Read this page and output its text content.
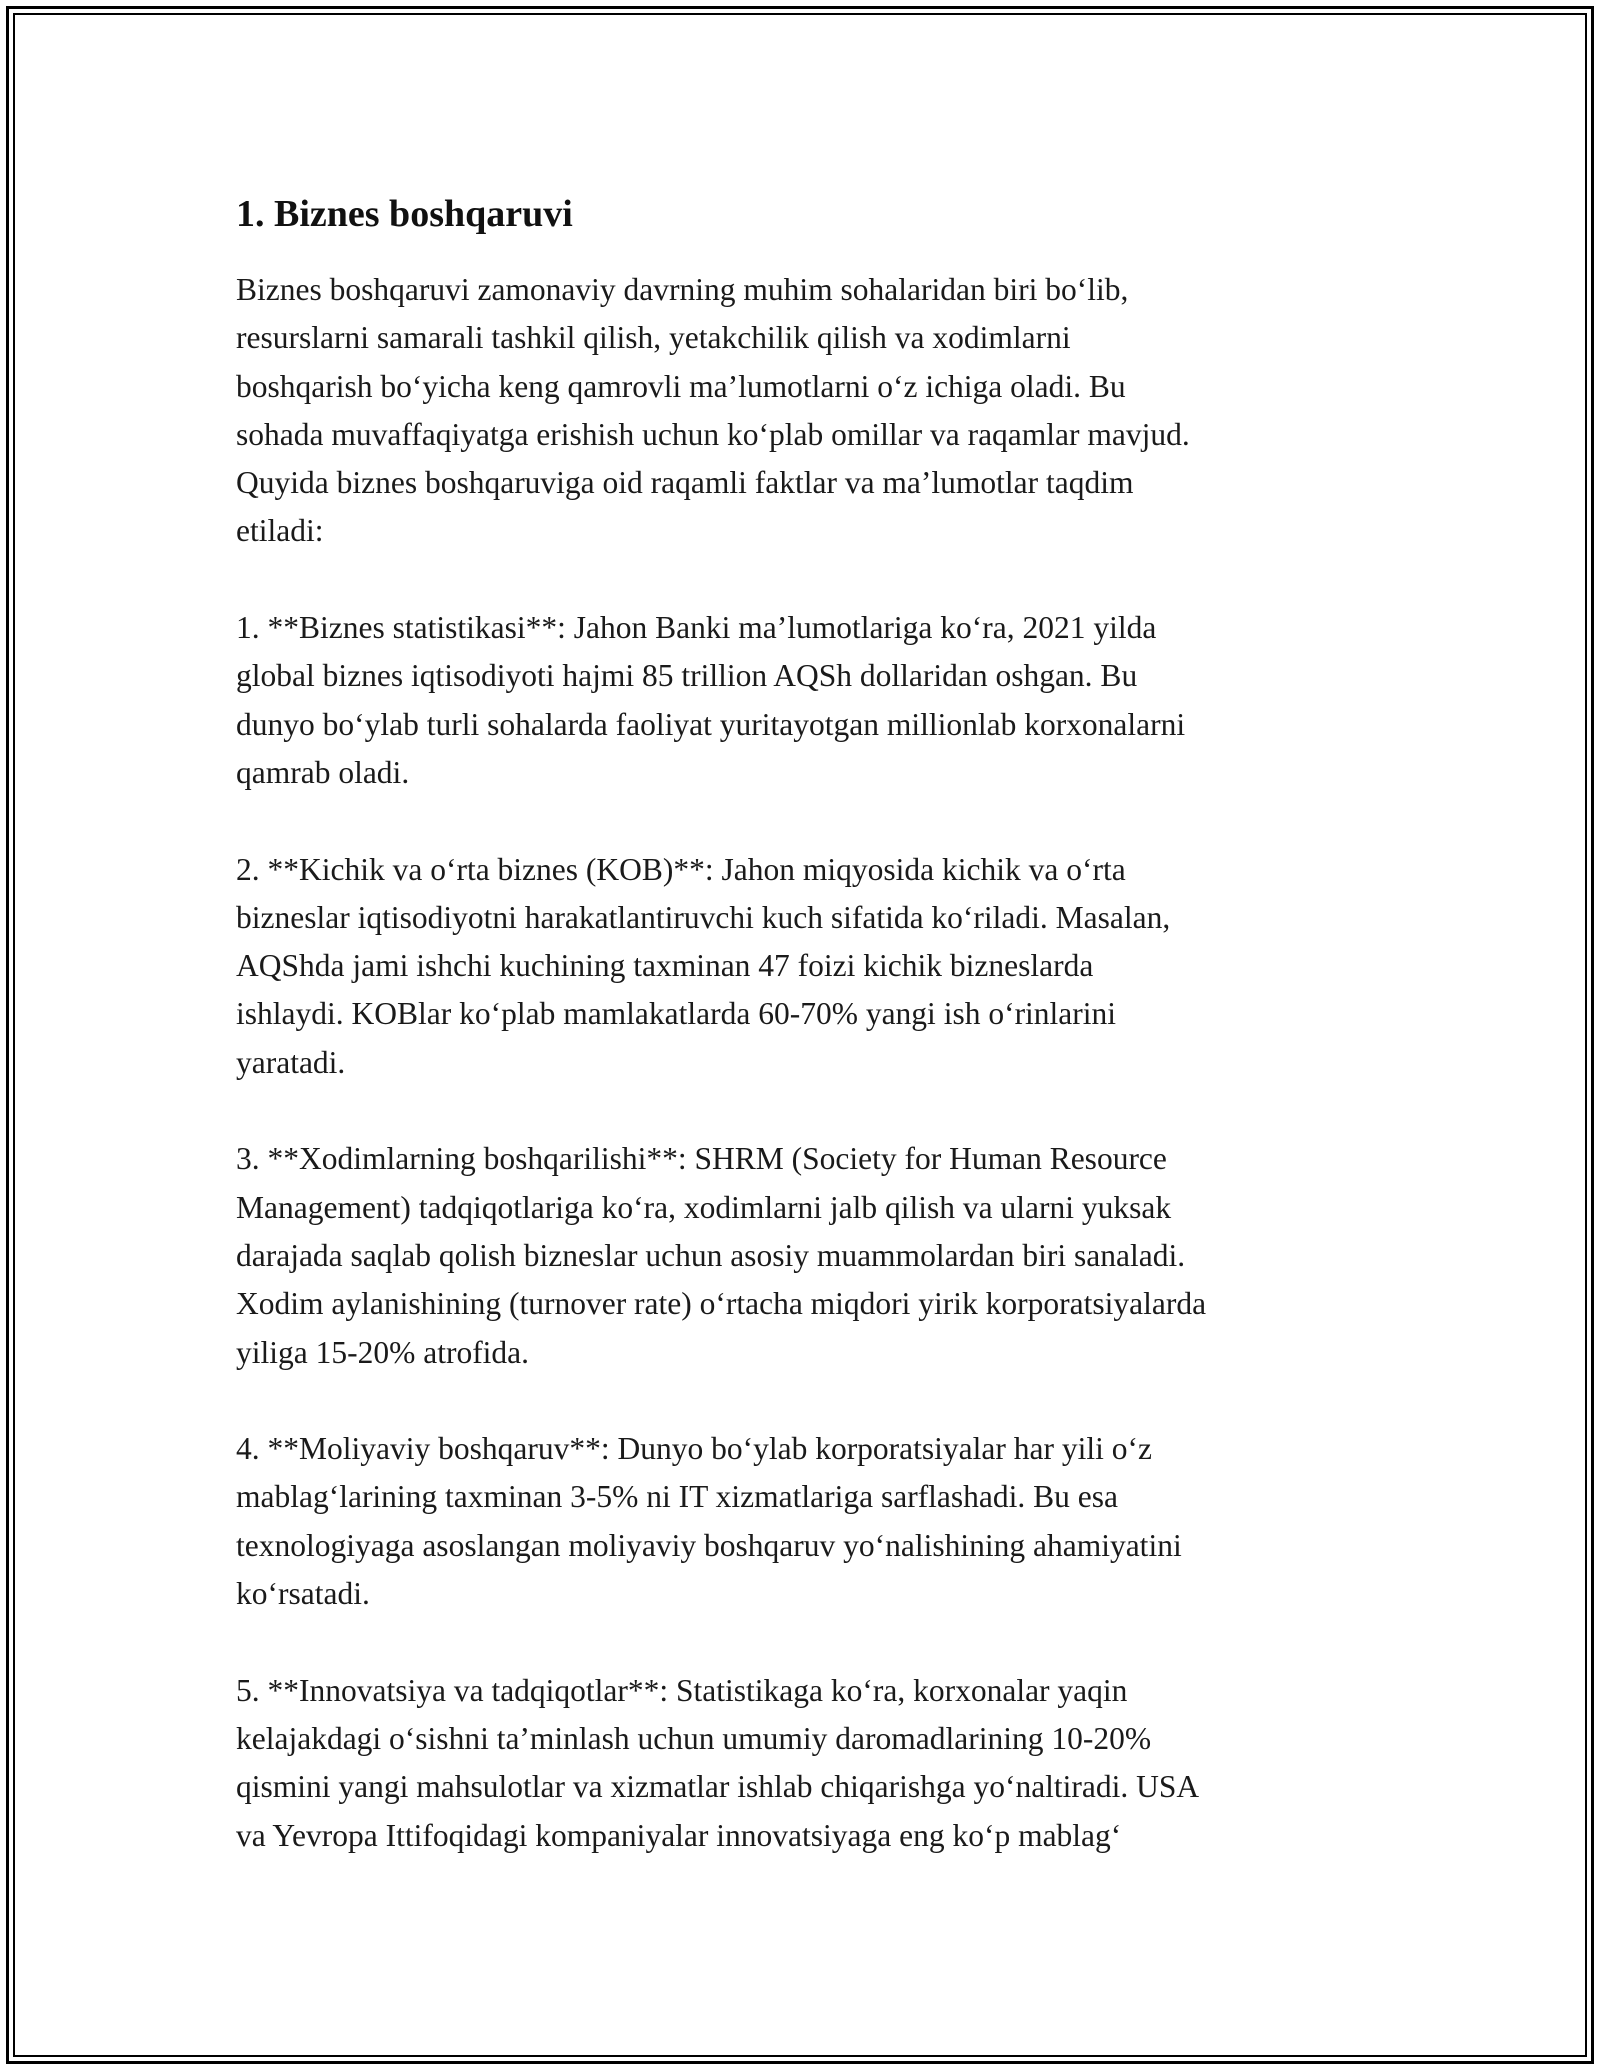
1. Biznes boshqaruvi
Biznes boshqaruvi zamonaviy davrning muhim sohalaridan biri boʻlib,
resurslarni samarali tashkil qilish, yetakchilik qilish va xodimlarni
boshqarish boʻyicha keng qamrovli maʼlumotlarni oʻz ichiga oladi. Bu
sohada muvaffaqiyatga erishish uchun koʻplab omillar va raqamlar mavjud.
Quyida biznes boshqaruviga oid raqamli faktlar va maʼlumotlar taqdim
etiladi:
1. **Biznes statistikasi**: Jahon Banki maʼlumotlariga koʻra, 2021 yilda
global biznes iqtisodiyoti hajmi 85 trillion AQSh dollaridan oshgan. Bu
dunyo boʻylab turli sohalarda faoliyat yuritayotgan millionlab korxonalarni
qamrab oladi.
2. **Kichik va oʻrta biznes (KOB)**: Jahon miqyosida kichik va oʻrta
bizneslar iqtisodiyotni harakatlantiruvchi kuch sifatida koʻriladi. Masalan,
AQShda jami ishchi kuchining taxminan 47 foizi kichik bizneslarda
ishlaydi. KOBlar koʻplab mamlakatlarda 60-70% yangi ish oʻrinlarini
yaratadi.
3. **Xodimlarning boshqarilishi**: SHRM (Society for Human Resource
Management) tadqiqotlariga koʻra, xodimlarni jalb qilish va ularni yuksak
darajada saqlab qolish bizneslar uchun asosiy muammolardan biri sanaladi.
Xodim aylanishining (turnover rate) oʻrtacha miqdori yirik korporatsiyalarda
yiliga 15-20% atrofida.
4. **Moliyaviy boshqaruv**: Dunyo boʻylab korporatsiyalar har yili oʻz
mablagʻlarining taxminan 3-5% ni IT xizmatlariga sarflashadi. Bu esa
texnologiyaga asoslangan moliyaviy boshqaruv yoʻnalishining ahamiyatini
koʻrsatadi.
5. **Innovatsiya va tadqiqotlar**: Statistikaga koʻra, korxonalar yaqin
kelajakdagi oʻsishni taʼminlash uchun umumiy daromadlarining 10-20%
qismini yangi mahsulotlar va xizmatlar ishlab chiqarishga yoʻnaltiradi. USA
va Yevropa Ittifoqidagi kompaniyalar innovatsiyaga eng koʻp mablagʻ
